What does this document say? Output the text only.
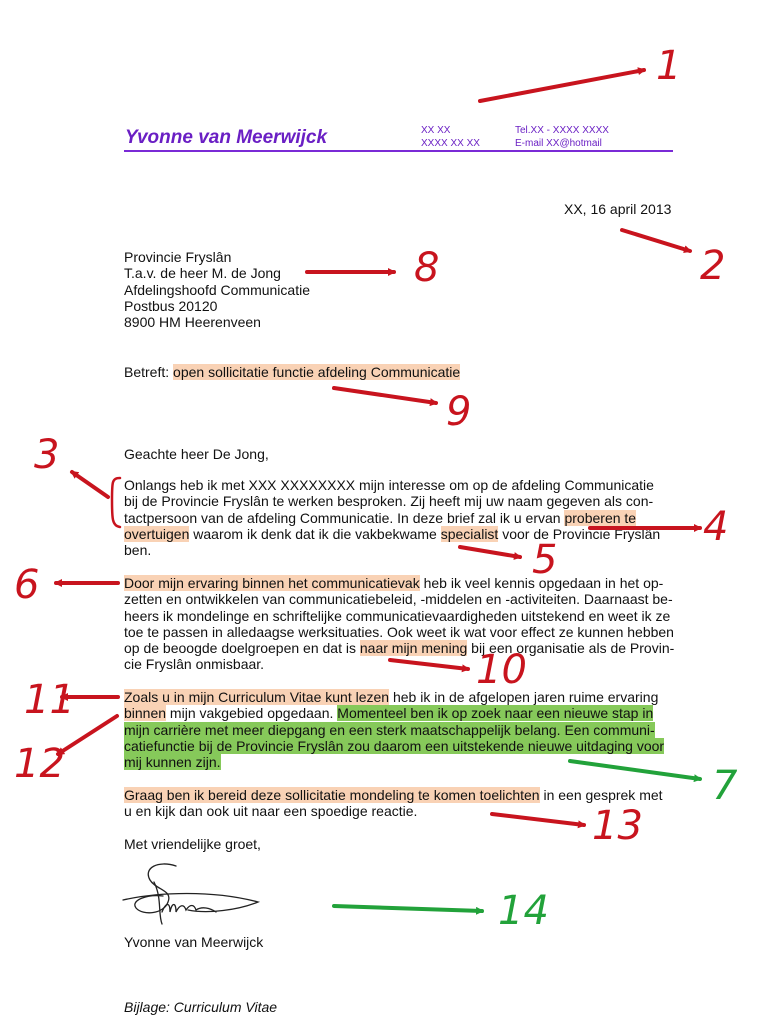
Yvonne van Meerwijck	XX XX
XXXX XX XX
Tel.XX - XXXX XXXX
E-mail XX@hotmail
XX, 16 april 2013
Provincie Fryslân
T.a.v. de heer M. de Jong
Afdelingshoofd Communicatie
Postbus 20120
8900 HM Heerenveen
Betreft: open sollicitatie functie afdeling Communicatie
Geachte heer De Jong,
Onlangs heb ik met XXX XXXXXXXX mijn interesse om op de afdeling Communicatie
bij de Provincie Fryslân te werken besproken. Zij heeft mij uw naam gegeven als con-
tactpersoon van de afdeling Communicatie. In deze brief zal ik u ervan proberen te
overtuigen waarom ik denk dat ik die vakbekwame specialist voor de Provincie Fryslân
ben.
Door mijn ervaring binnen het communicatievak heb ik veel kennis opgedaan in het op-
zetten en ontwikkelen van communicatiebeleid, -middelen en -activiteiten. Daarnaast be-
heers ik mondelinge en schriftelijke communicatievaardigheden uitstekend en weet ik ze
toe te passen in alledaagse werksituaties. Ook weet ik wat voor effect ze kunnen hebben
op de beoogde doelgroepen en dat is naar mijn mening bij een organisatie als de Provin-
cie Fryslân onmisbaar.
Zoals u in mijn Curriculum Vitae kunt lezen heb ik in de afgelopen jaren ruime ervaring
binnen mijn vakgebied opgedaan. Momenteel ben ik op zoek naar een nieuwe stap in
mijn carrière met meer diepgang en een sterk maatschappelijk belang. Een communi-
catiefunctie bij de Provincie Fryslân zou daarom een uitstekende nieuwe uitdaging voor
mij kunnen zijn.
Graag ben ik bereid deze sollicitatie mondeling te komen toelichten in een gesprek met
u en kijk dan ook uit naar een spoedige reactie.
Met vriendelijke groet,
Yvonne van Meerwijck
Bijlage: Curriculum Vitae
1
2
3
4
5
6
7
8
9
10
11
12
13
14
